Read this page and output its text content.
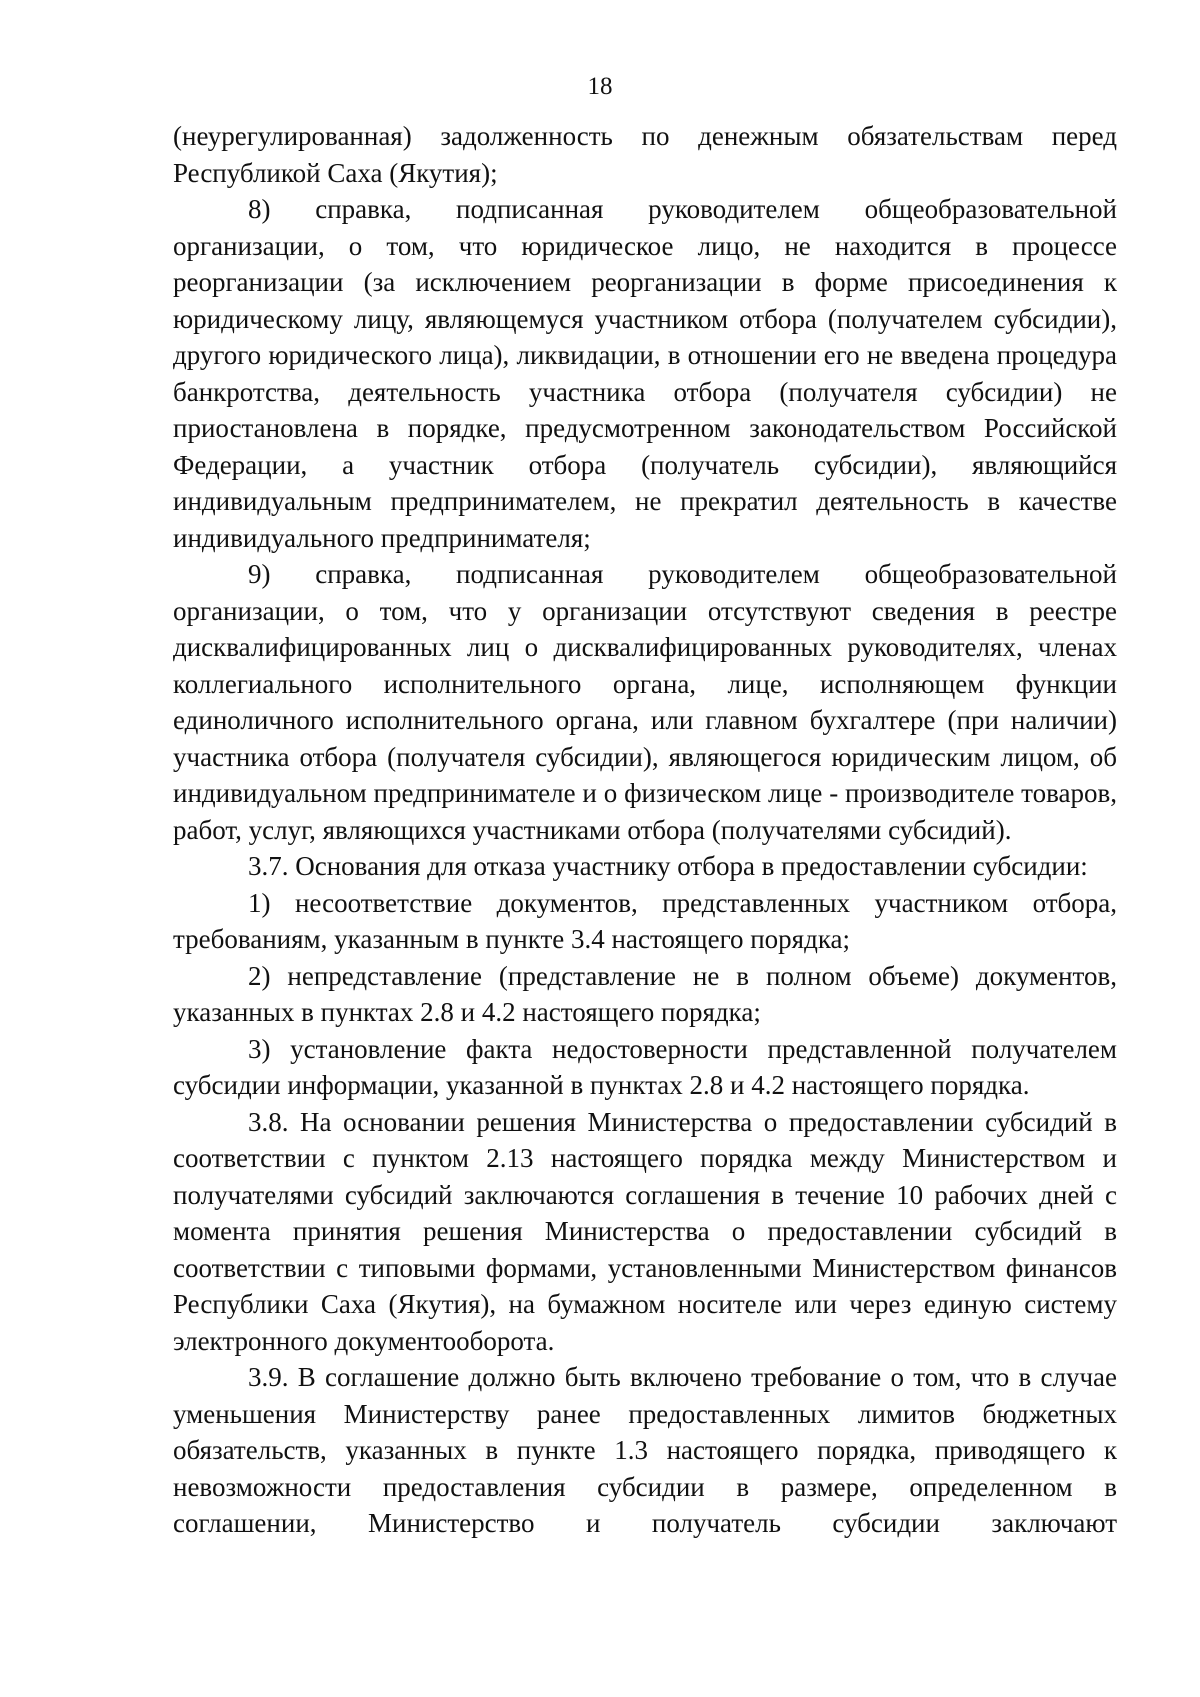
18

(неурегулированная) задолженность по денежным обязательствам перед Республикой Саха (Якутия);

8) справка, подписанная руководителем общеобразовательной организации, о том, что юридическое лицо, не находится в процессе реорганизации (за исключением реорганизации в форме присоединения к юридическому лицу, являющемуся участником отбора (получателем субсидии), другого юридического лица), ликвидации, в отношении его не введена процедура банкротства, деятельность участника отбора (получателя субсидии) не приостановлена в порядке, предусмотренном законодательством Российской Федерации, а участник отбора (получатель субсидии), являющийся индивидуальным предпринимателем, не прекратил деятельность в качестве индивидуального предпринимателя;

9) справка, подписанная руководителем общеобразовательной организации, о том, что у организации отсутствуют сведения в реестре дисквалифицированных лиц о дисквалифицированных руководителях, членах коллегиального исполнительного органа, лице, исполняющем функции единоличного исполнительного органа, или главном бухгалтере (при наличии) участника отбора (получателя субсидии), являющегося юридическим лицом, об индивидуальном предпринимателе и о физическом лице - производителе товаров, работ, услуг, являющихся участниками отбора (получателями субсидий).

3.7. Основания для отказа участнику отбора в предоставлении субсидии:

1) несоответствие документов, представленных участником отбора, требованиям, указанным в пункте 3.4 настоящего порядка;

2) непредставление (представление не в полном объеме) документов, указанных в пунктах 2.8 и 4.2 настоящего порядка;

3) установление факта недостоверности представленной получателем субсидии информации, указанной в пунктах 2.8 и 4.2 настоящего порядка.

3.8. На основании решения Министерства о предоставлении субсидий в соответствии с пунктом 2.13 настоящего порядка между Министерством и получателями субсидий заключаются соглашения в течение 10 рабочих дней с момента принятия решения Министерства о предоставлении субсидий в соответствии с типовыми формами, установленными Министерством финансов Республики Саха (Якутия), на бумажном носителе или через единую систему электронного документооборота.

3.9. В соглашение должно быть включено требование о том, что в случае уменьшения Министерству ранее предоставленных лимитов бюджетных обязательств, указанных в пункте 1.3 настоящего порядка, приводящего к невозможности предоставления субсидии в размере, определенном в соглашении, Министерство и получатель субсидии заключают
